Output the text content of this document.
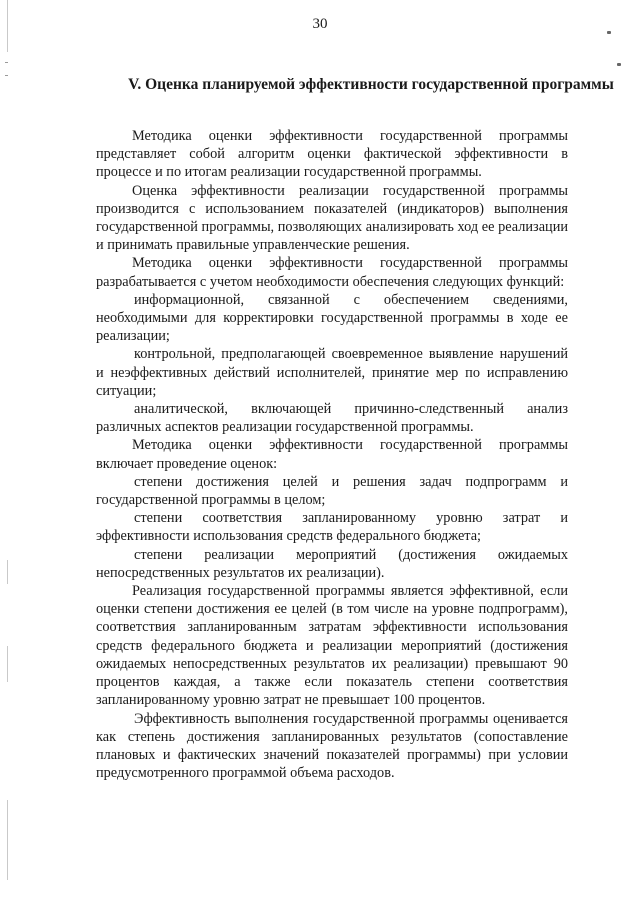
30
V. Оценка планируемой эффективности государственной программы

Методика оценки эффективности государственной программы представляет собой алгоритм оценки фактической эффективности в процессе и по итогам реализации государственной программы.

Оценка эффективности реализации государственной программы производится с использованием показателей (индикаторов) выполнения государственной программы, позволяющих анализировать ход ее реализации и принимать правильные управленческие решения.

Методика оценки эффективности государственной программы разрабатывается с учетом необходимости обеспечения следующих функций:

информационной, связанной с обеспечением сведениями, необходимыми для корректировки государственной программы в ходе ее реализации;

контрольной, предполагающей своевременное выявление нарушений и неэффективных действий исполнителей, принятие мер по исправлению ситуации;

аналитической, включающей причинно-следственный анализ различных аспектов реализации государственной программы.

Методика оценки эффективности государственной программы включает проведение оценок:

степени достижения целей и решения задач подпрограмм и государственной программы в целом;

степени соответствия запланированному уровню затрат и эффективности использования средств федерального бюджета;

степени реализации мероприятий (достижения ожидаемых непосредственных результатов их реализации).

Реализация государственной программы является эффективной, если оценки степени достижения ее целей (в том числе на уровне подпрограмм), соответствия запланированным затратам эффективности использования средств федерального бюджета и реализации мероприятий (достижения ожидаемых непосредственных результатов их реализации) превышают 90 процентов каждая, а также если показатель степени соответствия запланированному уровню затрат не превышает 100 процентов.

Эффективность выполнения государственной программы оценивается как степень достижения запланированных результатов (сопоставление плановых и фактических значений показателей программы) при условии предусмотренного программой объема расходов.
